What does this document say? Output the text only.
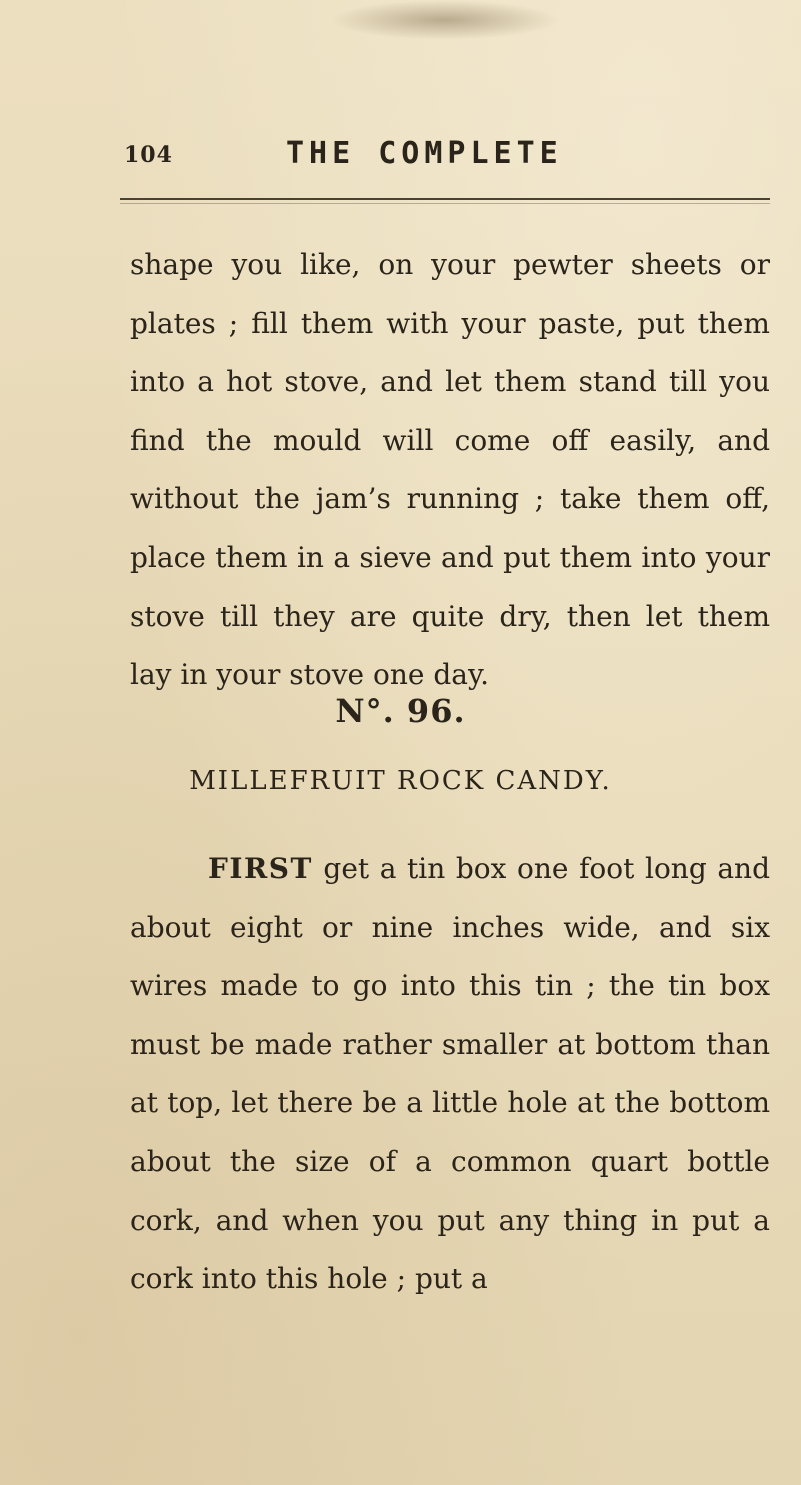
104	THE COMPLETE

shape you like, on your pewter sheets or plates ; fill them with your paste, put them into a hot stove, and let them stand till you find the mould will come off easily, and without the jam’s running ; take them off, place them in a sieve and put them into your stove till they are quite dry, then let them lay in your stove one day.

N°. 96.
MILLEFRUIT ROCK CANDY.

FIRST get a tin box one foot long and about eight or nine inches wide, and six wires made to go into this tin ; the tin box must be made rather smaller at bottom than at top, let there be a little hole at the bottom about the size of a common quart bottle cork, and when you put any thing in put a cork into this hole ; put a
